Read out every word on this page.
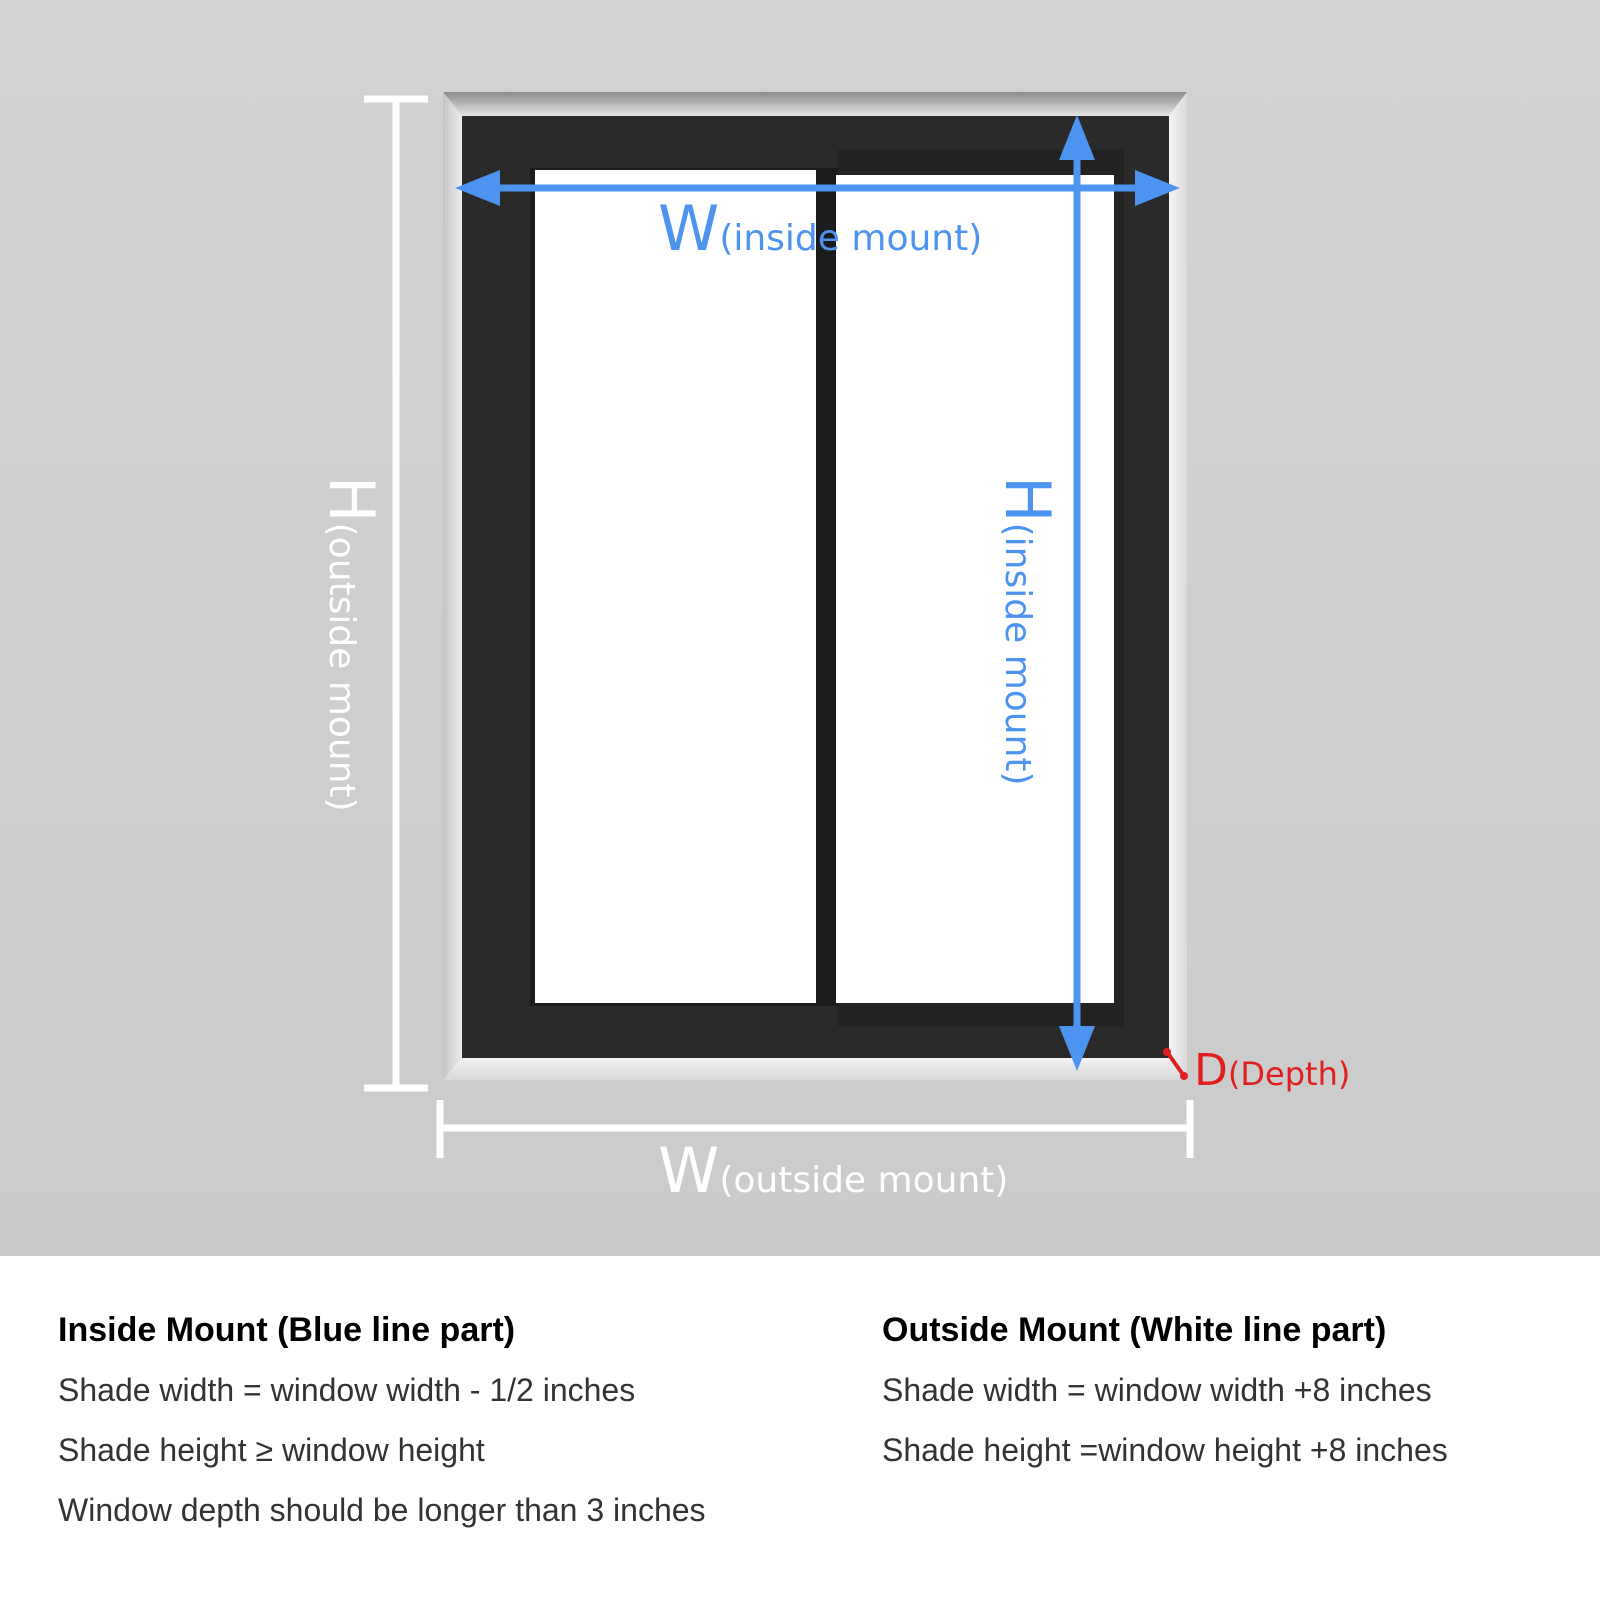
W(inside mount)
H(inside mount)
H(outside mount)
W(outside mount)
D(Depth)
Inside Mount (Blue line part)
Shade width = window width - 1/2 inches
Shade height ≥ window height
Window depth should be longer than 3 inches
Outside Mount (White line part)
Shade width = window width +8 inches
Shade height =window height +8 inches
